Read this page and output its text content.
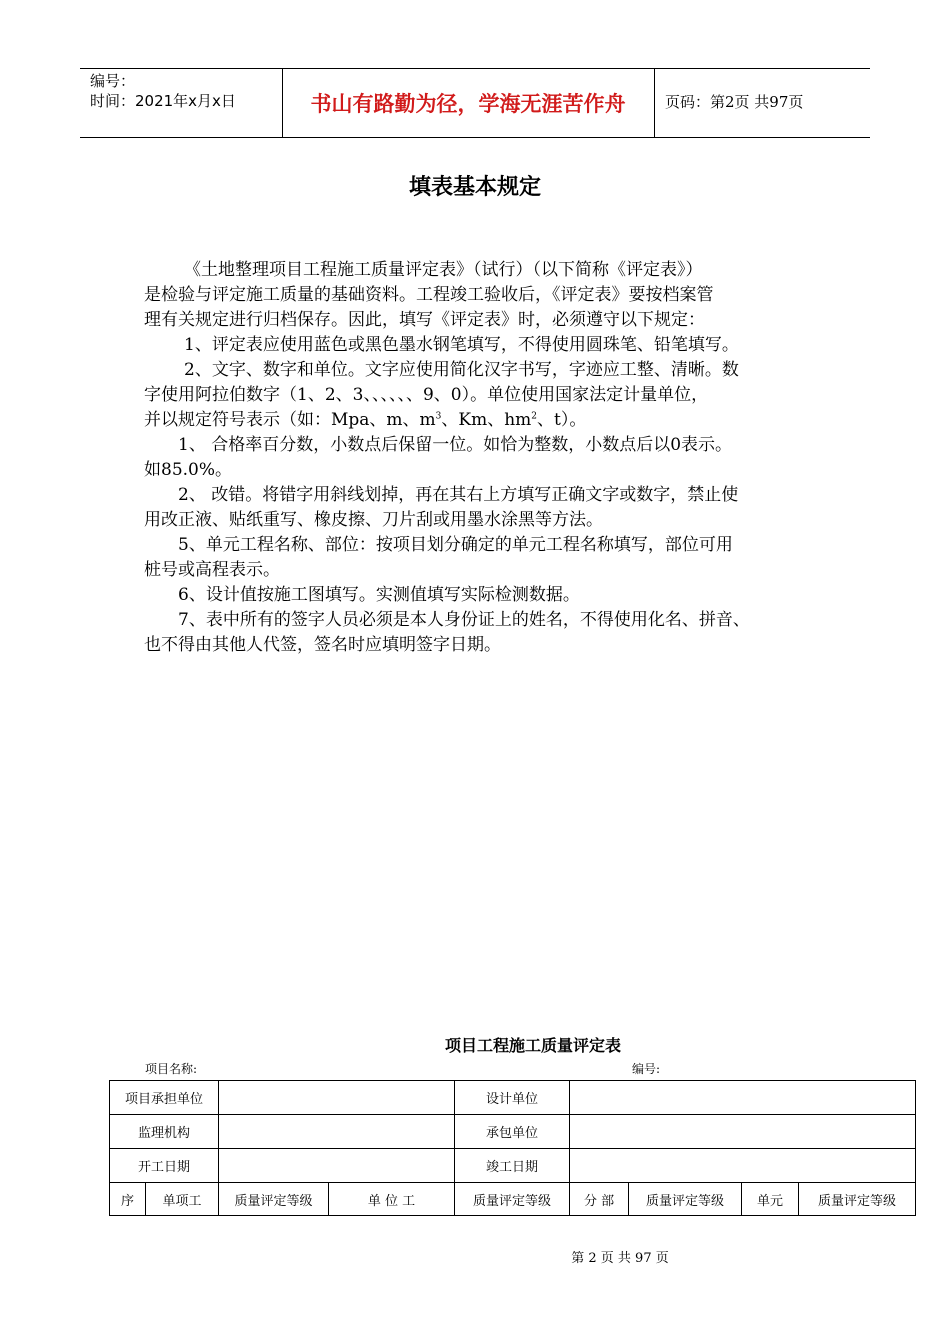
编号：
时间：2021年x月x日	书山有路勤为径，学海无涯苦作舟	页码：第2页 共97页
填表基本规定

《土地整理项目工程施工质量评定表》（试行）（以下简称《评定表》）

是检验与评定施工质量的基础资料。工程竣工验收后，《评定表》要按档案管

理有关规定进行归档保存。因此，填写《评定表》时，必须遵守以下规定：

1、评定表应使用蓝色或黑色墨水钢笔填写，不得使用圆珠笔、铅笔填写。

2、文字、数字和单位。文字应使用简化汉字书写，字迹应工整、清晰。数

字使用阿拉伯数字（1、2、3、、、、、、9、0）。单位使用国家法定计量单位，

并以规定符号表示（如：Mpa、m、$m^3$、Km、$hm^2$、t）。

1、 合格率百分数，小数点后保留一位。如恰为整数，小数点后以0表示。

如85.0%。

2、 改错。将错字用斜线划掉，再在其右上方填写正确文字或数字，禁止使

用改正液、贴纸重写、橡皮擦、刀片刮或用墨水涂黑等方法。

5、单元工程名称、部位：按项目划分确定的单元工程名称填写，部位可用

桩号或高程表示。

6、设计值按施工图填写。实测值填写实际检测数据。

7、表中所有的签字人员必须是本人身份证上的姓名，不得使用化名、拼音、

也不得由其他人代签，签名时应填明签字日期。

项目工程施工质量评定表
项目名称:	编号:
项目承担单位				设计单位				
监理机构				承包单位				
开工日期				竣工日期				
序	单项工	质量评定等级	单 位 工	质量评定等级	分 部	质量评定等级	单元	质量评定等级
第 2 页 共 97 页
